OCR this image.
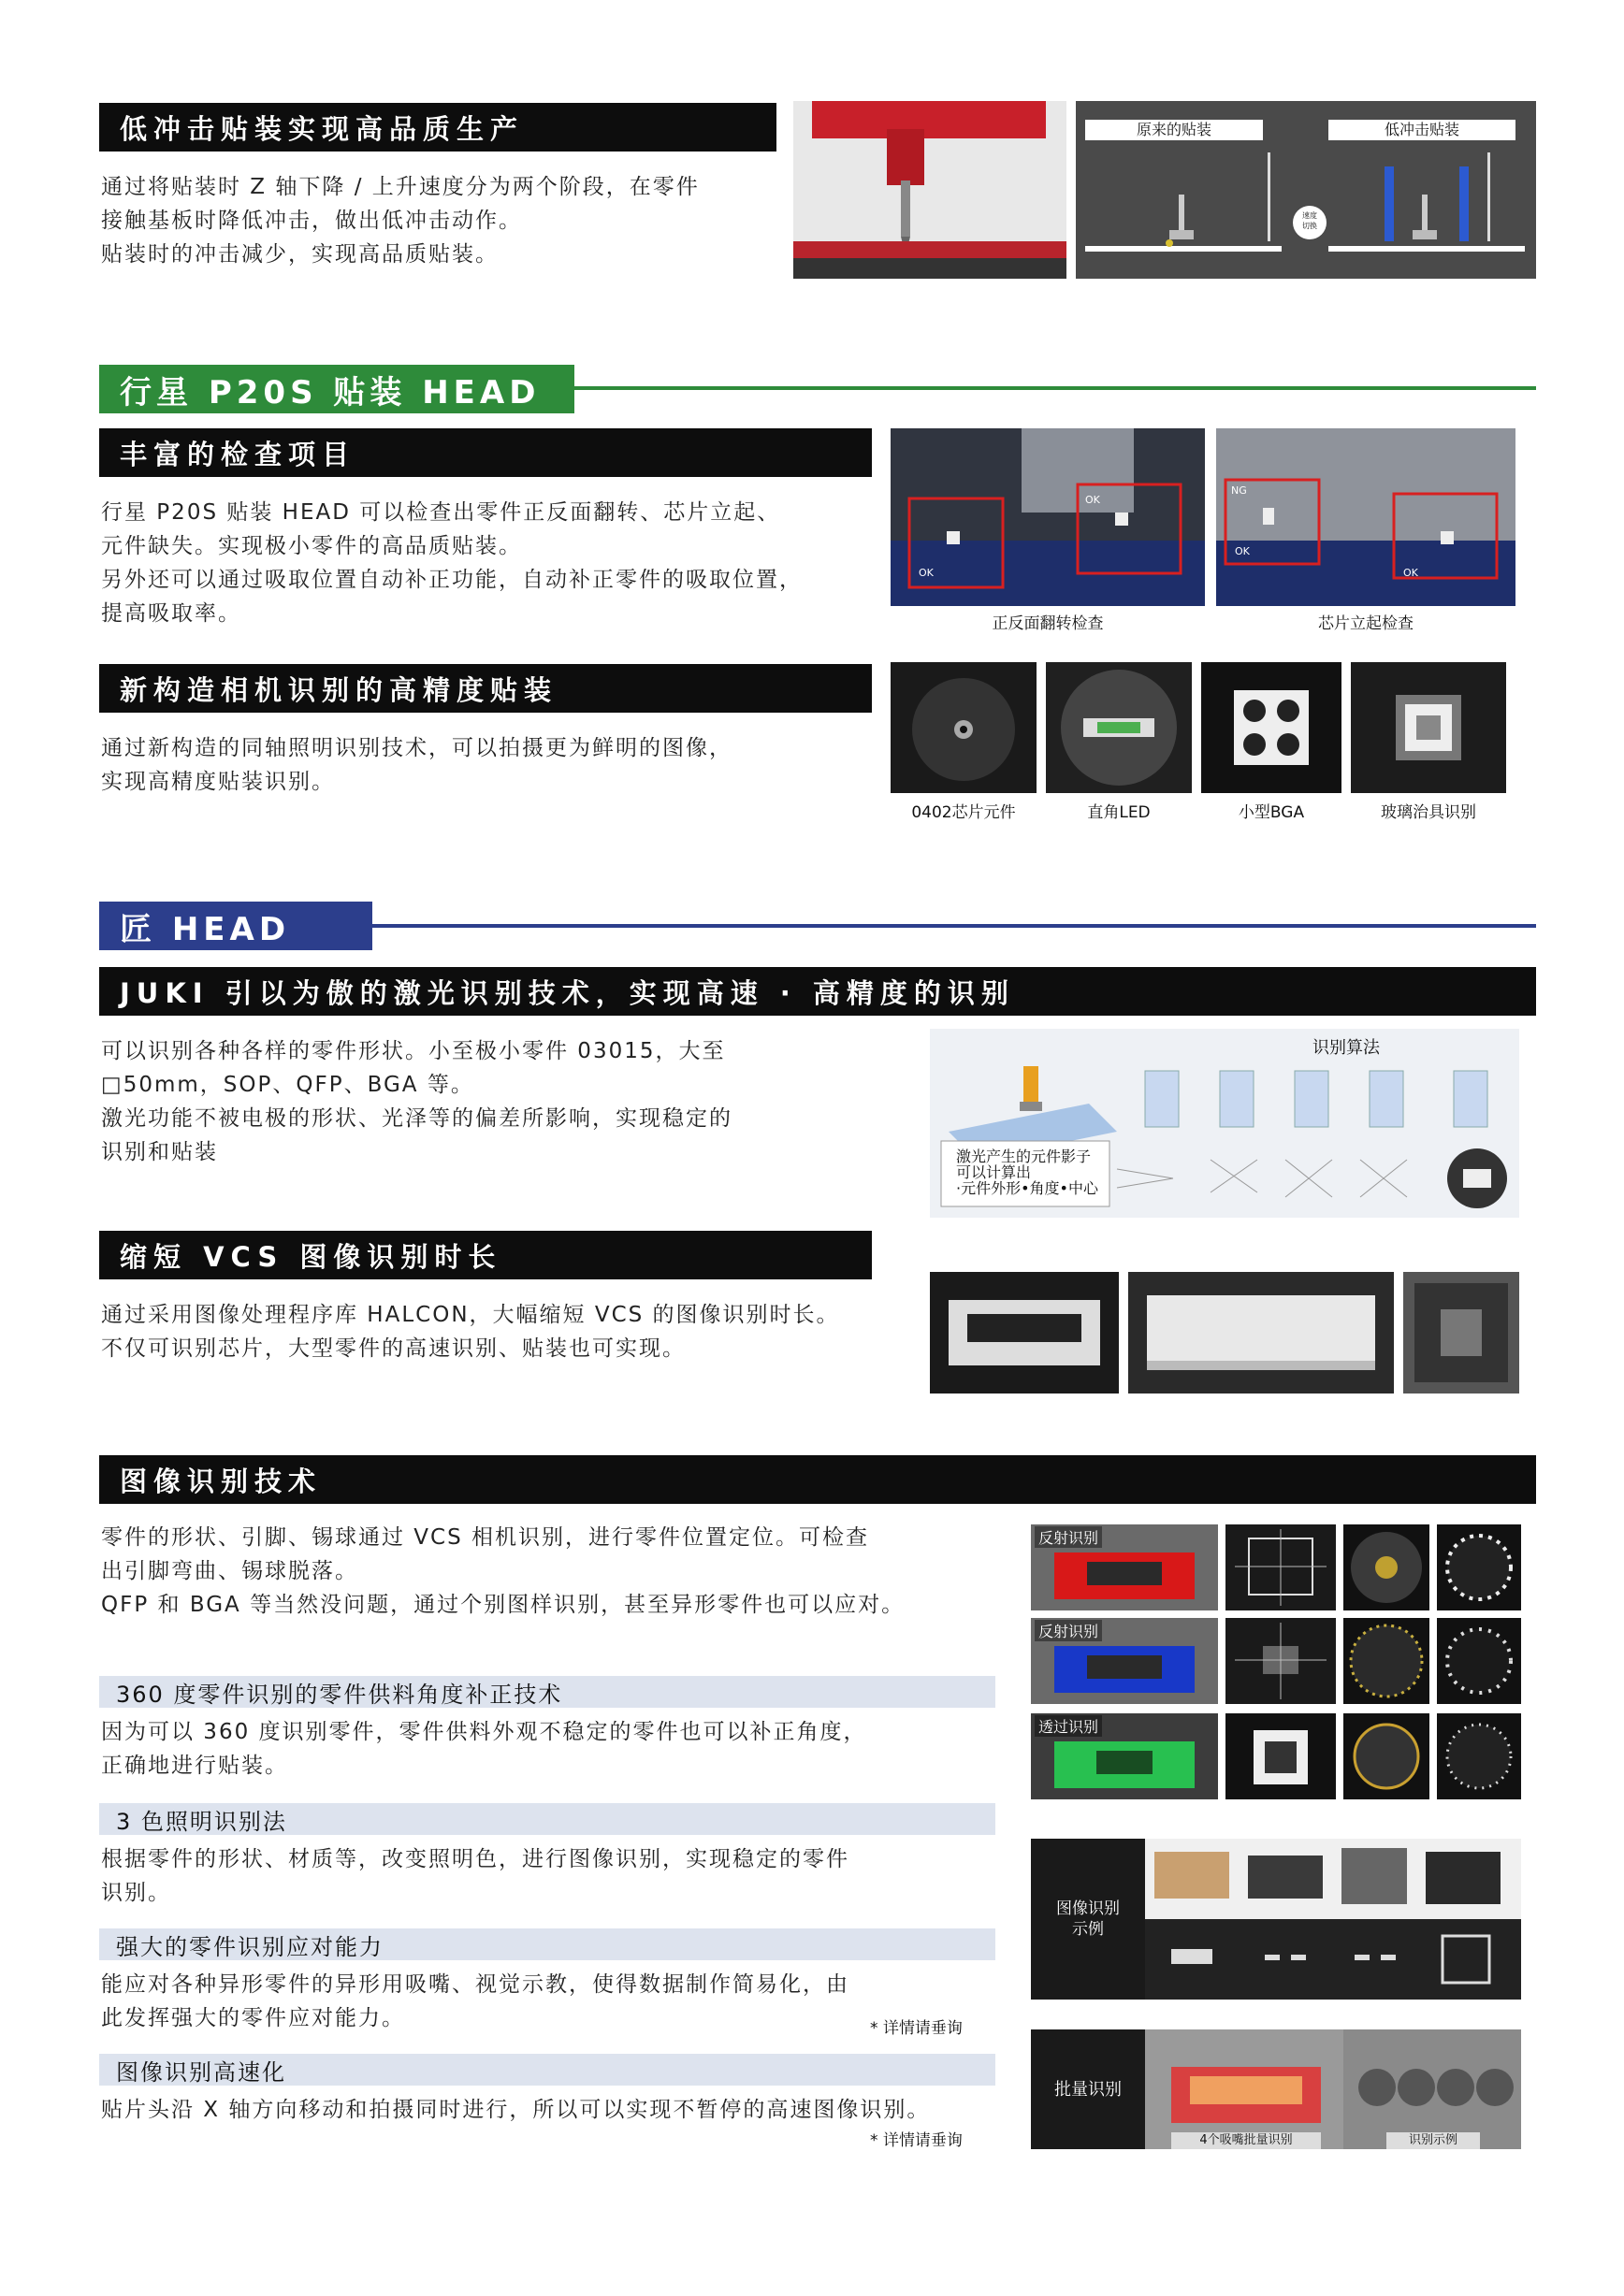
低冲击贴装实现高品质生产
通过将贴装时 Z 轴下降 / 上升速度分为两个阶段，在零件
接触基板时降低冲击，做出低冲击动作。
贴装时的冲击减少，实现高品质贴装。
原来的贴装	低冲击贴装
速度
切换
行星 P20S 贴装 HEAD
丰富的检查项目
行星 P20S 贴装 HEAD 可以检查出零件正反面翻转、芯片立起、
元件缺失。实现极小零件的高品质贴装。
另外还可以通过吸取位置自动补正功能，自动补正零件的吸取位置，
提高吸取率。
OK
OK
NG
OK
OK
正反面翻转检查	芯片立起检查
新构造相机识别的高精度贴装
通过新构造的同轴照明识别技术，可以拍摄更为鲜明的图像，
实现高精度贴装识别。
0402芯片元件	直角LED	小型BGA	玻璃治具识别
匠 HEAD
JUKI 引以为傲的激光识别技术，实现高速 · 高精度的识别
可以识别各种各样的零件形状。小至极小零件 03015，大至
□50mm，SOP、QFP、BGA 等。
激光功能不被电极的形状、光泽等的偏差所影响，实现稳定的
识别和贴装
识别算法
激光产生的元件影子
可以计算出
·元件外形•角度•中心
缩短 VCS 图像识别时长
通过采用图像处理程序库 HALCON，大幅缩短 VCS 的图像识别时长。
不仅可识别芯片，大型零件的高速识别、贴装也可实现。
图像识别技术
零件的形状、引脚、锡球通过 VCS 相机识别，进行零件位置定位。可检查
出引脚弯曲、锡球脱落。
QFP 和 BGA 等当然没问题，通过个别图样识别，甚至异形零件也可以应对。
360 度零件识别的零件供料角度补正技术
因为可以 360 度识别零件，零件供料外观不稳定的零件也可以补正角度，
正确地进行贴装。
3 色照明识别法
根据零件的形状、材质等，改变照明色，进行图像识别，实现稳定的零件
识别。
强大的零件识别应对能力
能应对各种异形零件的异形用吸嘴、视觉示教，使得数据制作简易化，由
此发挥强大的零件应对能力。	* 详情请垂询
图像识别高速化
贴片头沿 X 轴方向移动和拍摄同时进行，所以可以实现不暂停的高速图像识别。
* 详情请垂询
反射识别
反射识别
透过识别
图像识别
示例
批量识别
4个吸嘴批量识别	识别示例
